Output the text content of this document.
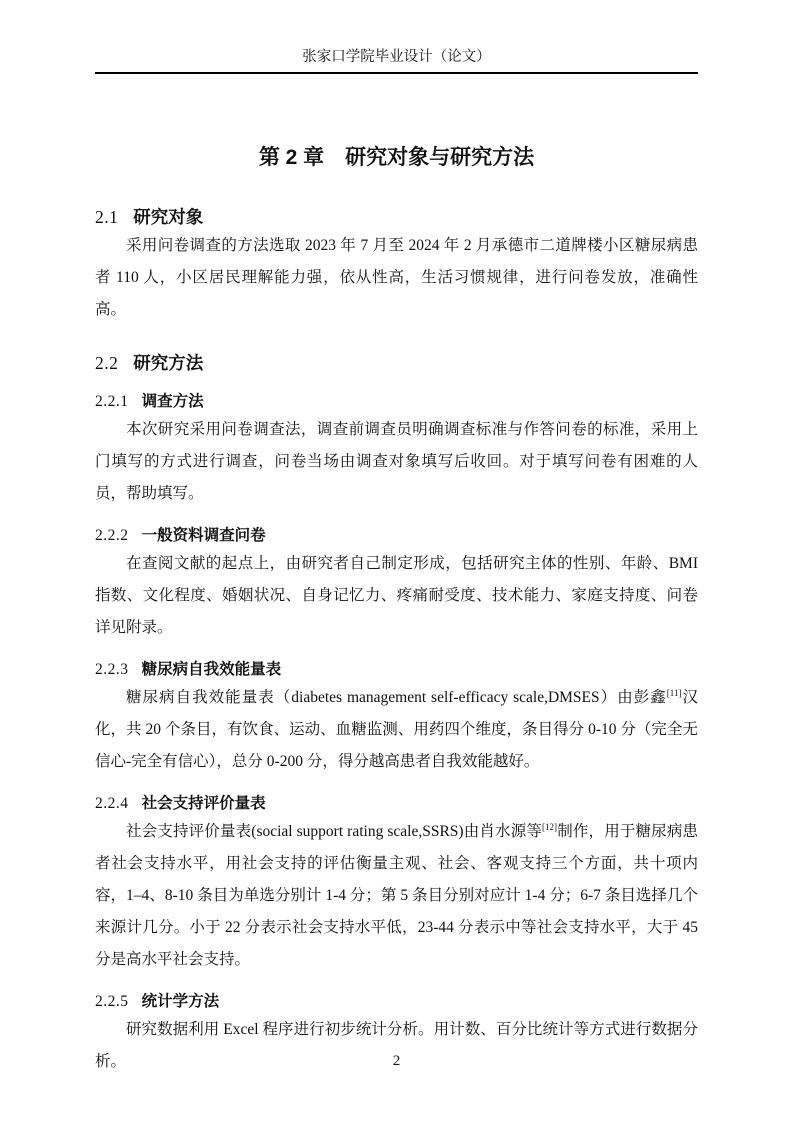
张家口学院毕业设计（论文）
第 2 章　研究对象与研究方法
2.1 研究对象

采用问卷调查的方法选取 2023 年 7 月至 2024 年 2 月承德市二道牌楼小区糖尿病患者 110 人，小区居民理解能力强，依从性高，生活习惯规律，进行问卷发放，准确性高。

2.2 研究方法
2.2.1 调查方法

本次研究采用问卷调查法，调查前调查员明确调查标准与作答问卷的标准，采用上门填写的方式进行调查，问卷当场由调查对象填写后收回。对于填写问卷有困难的人员，帮助填写。

2.2.2 一般资料调查问卷

在查阅文献的起点上，由研究者自己制定形成，包括研究主体的性别、年龄、BMI 指数、文化程度、婚姻状况、自身记忆力、疼痛耐受度、技术能力、家庭支持度、问卷详见附录。

2.2.3 糖尿病自我效能量表

糖尿病自我效能量表（diabetes management self-efficacy scale,DMSES）由彭鑫[11]汉化，共 20 个条目，有饮食、运动、血糖监测、用药四个维度，条目得分 0-10 分（完全无信心-完全有信心），总分 0-200 分，得分越高患者自我效能越好。

2.2.4 社会支持评价量表

社会支持评价量表(social support rating scale,SSRS)由肖水源等[12]制作，用于糖尿病患者社会支持水平，用社会支持的评估衡量主观、社会、客观支持三个方面，共十项内容，1–4、8-10 条目为单选分别计 1-4 分；第 5 条目分别对应计 1-4 分；6-7 条目选择几个来源计几分。小于 22 分表示社会支持水平低，23-44 分表示中等社会支持水平，大于 45 分是高水平社会支持。

2.2.5 统计学方法

研究数据利用 Excel 程序进行初步统计分析。用计数、百分比统计等方式进行数据分析。	2
